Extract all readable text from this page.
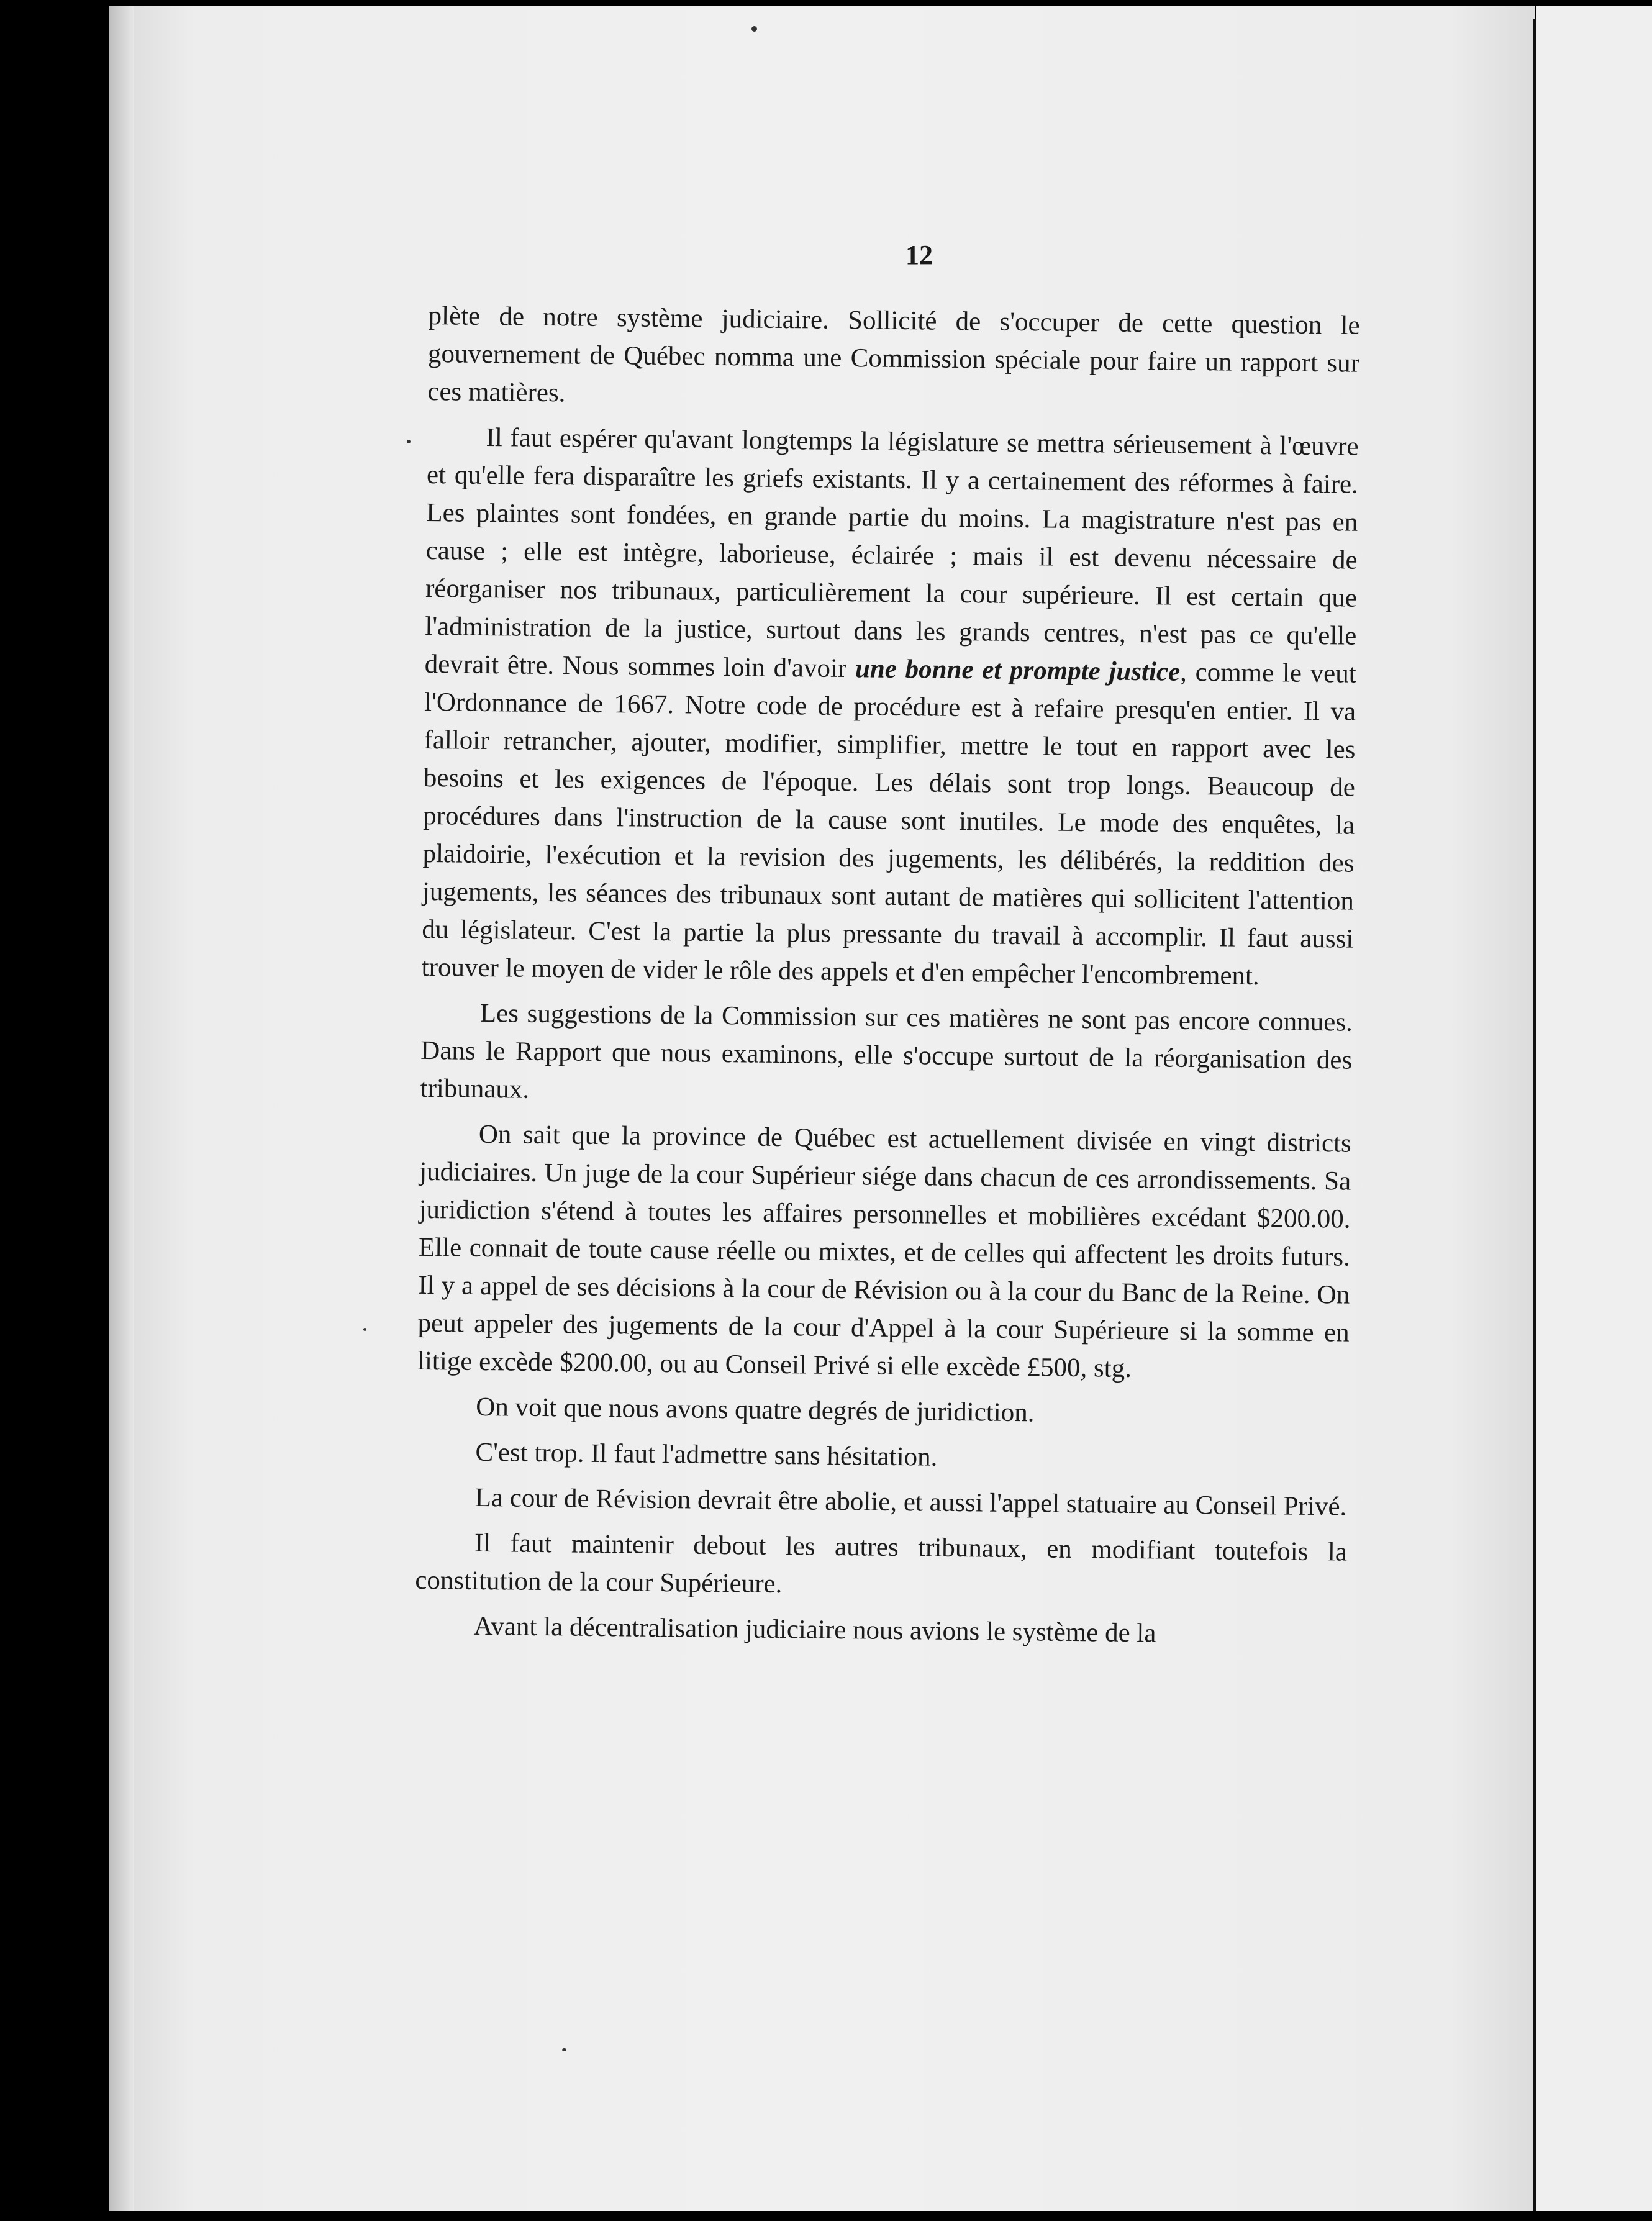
12

plète de notre système judiciaire. Sollicité de s'occuper de cette question le gouvernement de Québec nomma une Commission spéciale pour faire un rapport sur ces matières.

Il faut espérer qu'avant longtemps la législature se mettra sérieusement à l'œuvre et qu'elle fera disparaître les griefs existants. Il y a certainement des réformes à faire. Les plaintes sont fondées, en grande partie du moins. La magistrature n'est pas en cause ; elle est intègre, laborieuse, éclairée ; mais il est devenu nécessaire de réorganiser nos tribunaux, particulièrement la cour supérieure. Il est certain que l'administration de la justice, surtout dans les grands centres, n'est pas ce qu'elle devrait être. Nous sommes loin d'avoir une bonne et prompte justice, comme le veut l'Ordonnance de 1667. Notre code de procédure est à refaire presqu'en entier. Il va falloir retrancher, ajouter, modifier, simplifier, mettre le tout en rapport avec les besoins et les exigences de l'époque. Les délais sont trop longs. Beaucoup de procédures dans l'instruction de la cause sont inutiles. Le mode des enquêtes, la plaidoirie, l'exécution et la revision des jugements, les délibérés, la reddition des jugements, les séances des tribunaux sont autant de matières qui sollicitent l'attention du législateur. C'est la partie la plus pressante du travail à accomplir. Il faut aussi trouver le moyen de vider le rôle des appels et d'en empêcher l'encombrement.

Les suggestions de la Commission sur ces matières ne sont pas encore connues. Dans le Rapport que nous examinons, elle s'occupe surtout de la réorganisation des tribunaux.

On sait que la province de Québec est actuellement divisée en vingt districts judiciaires. Un juge de la cour Supérieur siége dans chacun de ces arrondissements. Sa juridiction s'étend à toutes les affaires personnelles et mobilières excédant $200.00. Elle connait de toute cause réelle ou mixtes, et de celles qui affectent les droits futurs. Il y a appel de ses décisions à la cour de Révision ou à la cour du Banc de la Reine. On peut appeler des jugements de la cour d'Appel à la cour Supérieure si la somme en litige excède $200.00, ou au Conseil Privé si elle excède £500, stg.

On voit que nous avons quatre degrés de juridiction.

C'est trop. Il faut l'admettre sans hésitation.

La cour de Révision devrait être abolie, et aussi l'appel statuaire au Conseil Privé.

Il faut maintenir debout les autres tribunaux, en modifiant toutefois la constitution de la cour Supérieure.

Avant la décentralisation judiciaire nous avions le système de la
